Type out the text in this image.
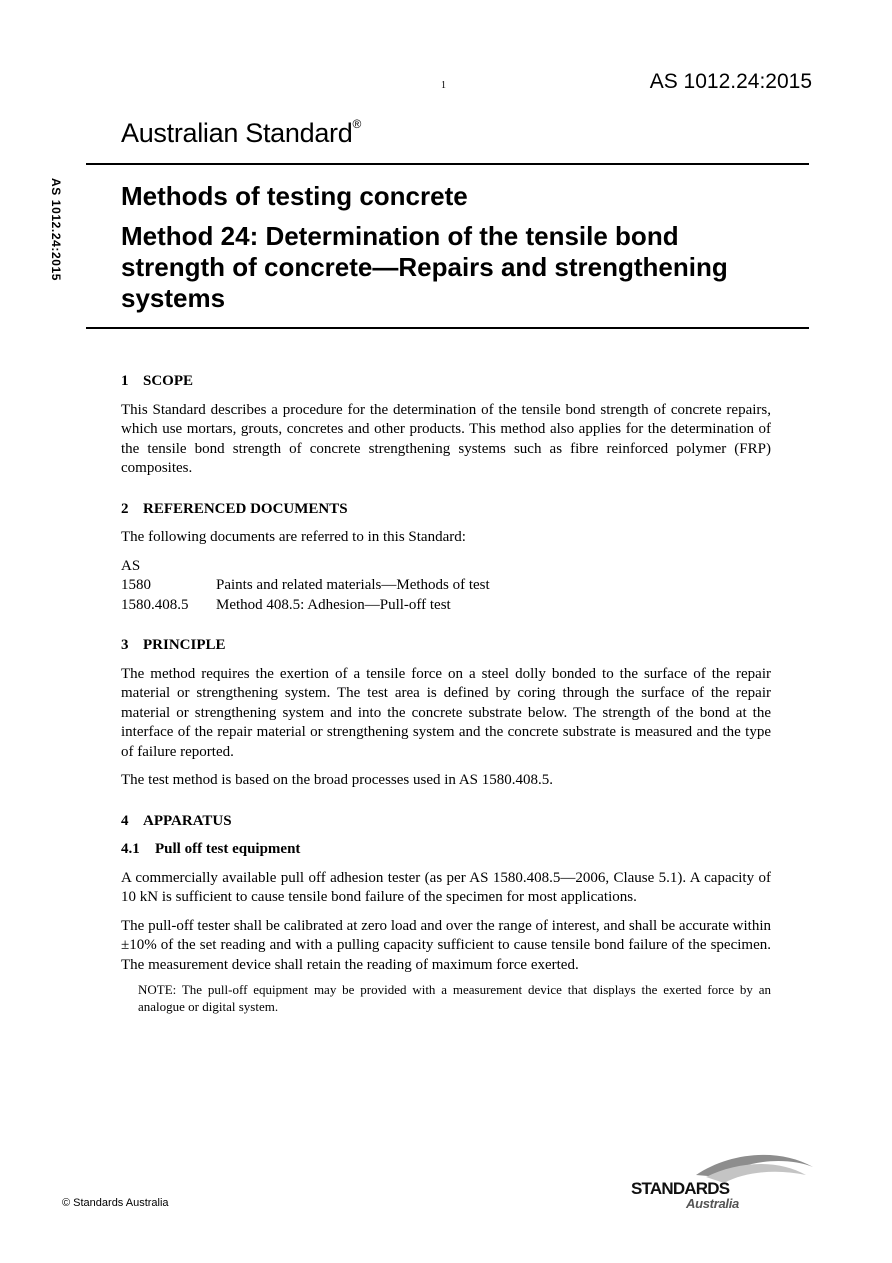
1	AS 1012.24:2015
Australian Standard®
AS 1012.24:2015 Methods of testing concrete
Method 24: Determination of the tensile bond strength of concrete—Repairs and strengthening systems
1 SCOPE

This Standard describes a procedure for the determination of the tensile bond strength of concrete repairs, which use mortars, grouts, concretes and other products. This method also applies for the determination of the tensile bond strength of concrete strengthening systems such as fibre reinforced polymer (FRP) composites.

2 REFERENCED DOCUMENTS

The following documents are referred to in this Standard:

AS
1580	Paints and related materials—Methods of test
1580.408.5	Method 408.5: Adhesion—Pull-off test
3 PRINCIPLE

The method requires the exertion of a tensile force on a steel dolly bonded to the surface of the repair material or strengthening system. The test area is defined by coring through the surface of the repair material or strengthening system and into the concrete substrate below. The strength of the bond at the interface of the repair material or strengthening system and the concrete substrate is measured and the type of failure reported.

The test method is based on the broad processes used in AS 1580.408.5.

4 APPARATUS
4.1 Pull off test equipment

A commercially available pull off adhesion tester (as per AS 1580.408.5—2006, Clause 5.1). A capacity of 10 kN is sufficient to cause tensile bond failure of the specimen for most applications.

The pull-off tester shall be calibrated at zero load and over the range of interest, and shall be accurate within ±10% of the set reading and with a pulling capacity sufficient to cause tensile bond failure of the specimen. The measurement device shall retain the reading of maximum force exerted.

NOTE: The pull-off equipment may be provided with a measurement device that displays the exerted force by an analogue or digital system.
© Standards Australia
STANDARDS
Australia
